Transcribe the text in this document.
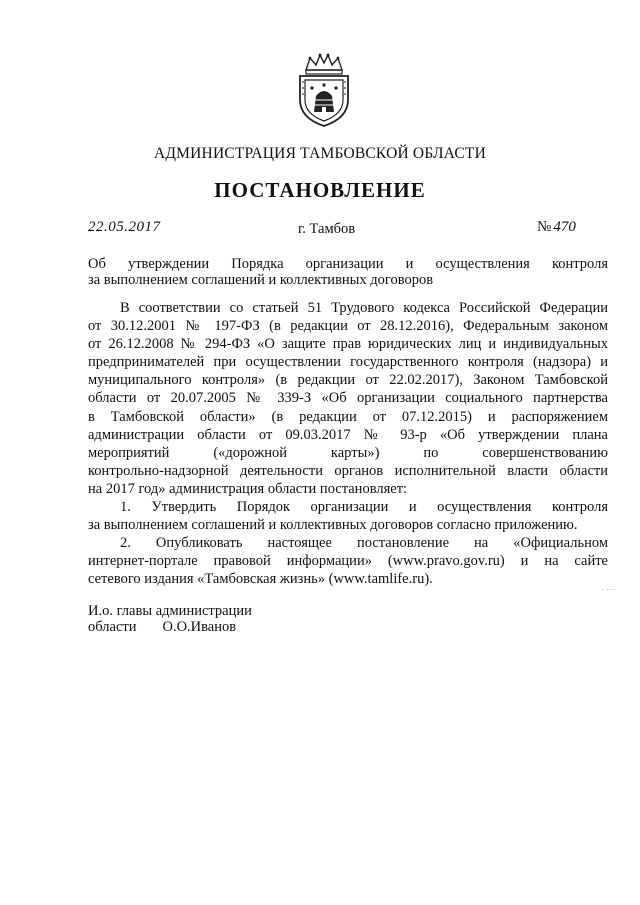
АДМИНИСТРАЦИЯ ТАМБОВСКОЙ ОБЛАСТИ
ПОСТАНОВЛЕНИЕ
22.05.2017	г. Тамбов	№ 470
Об утверждении Порядка организации и осуществления контроля
за выполнением соглашений и коллективных договоров
В соответствии со статьей 51 Трудового кодекса Российской Федерации
от 30.12.2001 № 197-ФЗ (в редакции от 28.12.2016), Федеральным законом
от 26.12.2008 № 294-ФЗ «О защите прав юридических лиц и индивидуальных
предпринимателей при осуществлении государственного контроля (надзора) и
муниципального контроля» (в редакции от 22.02.2017), Законом Тамбовской
области от 20.07.2005 № 339-З «Об организации социального партнерства
в Тамбовской области» (в редакции от 07.12.2015) и распоряжением
администрации области от 09.03.2017 № 93-р «Об утверждении плана
мероприятий («дорожной карты») по совершенствованию
контрольно-надзорной деятельности органов исполнительной власти области
на 2017 год» администрация области постановляет:
1. Утвердить Порядок организации и осуществления контроля
за выполнением соглашений и коллективных договоров согласно приложению.
2. Опубликовать настоящее постановление на «Официальном
интернет-портале правовой информации» (www.pravo.gov.ru) и на сайте
сетевого издания «Тамбовская жизнь» (www.tamlife.ru).
И.о. главы администрации
области О.О.Иванов
· ····
